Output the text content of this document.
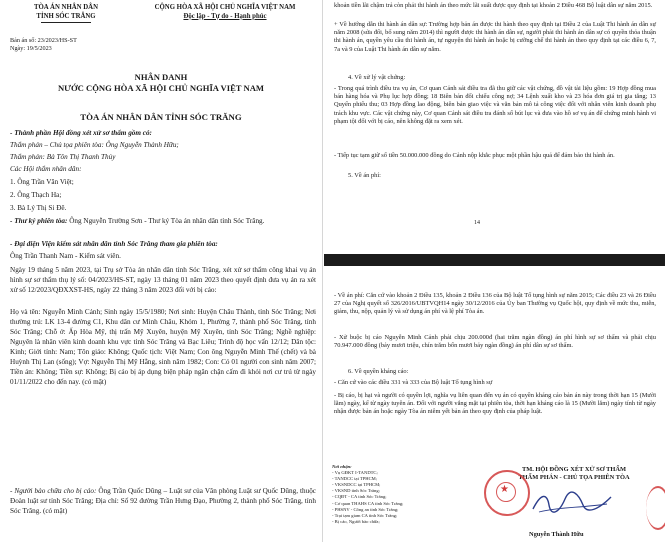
TÒA ÁN NHÂN DÂN
TỈNH SÓC TRĂNG
CỘNG HÒA XÃ HỘI CHỦ NGHĨA VIỆT NAM
Độc lập - Tự do - Hạnh phúc
Bản án số: 23/2023/HS-ST
Ngày: 19/5/2023
NHÂN DANH
NƯỚC CỘNG HÒA XÃ HỘI CHỦ NGHĨA VIỆT NAM
TÒA ÁN NHÂN DÂN TỈNH SÓC TRĂNG
- Thành phần Hội đồng xét xử sơ thẩm gồm có:
Thẩm phán – Chủ tọa phiên tòa: Ông Nguyễn Thành Hữu;
Thẩm phán: Bà Tôn Thị Thanh Thủy
Các Hội thẩm nhân dân:
1. Ông Trần Văn Việt;
2. Ông Thạch Ha;
3. Bà Lý Thị Si Đê.
- Thư ký phiên tòa: Ông Nguyễn Trường Sơn - Thư ký Tòa án nhân dân tỉnh Sóc Trăng.
- Đại diện Viện kiểm sát nhân dân tỉnh Sóc Trăng tham gia phiên tòa:
Ông Trần Thanh Nam - Kiểm sát viên.
Ngày 19 tháng 5 năm 2023, tại Trụ sở Tòa án nhân dân tỉnh Sóc Trăng, xét xử sơ thẩm công khai vụ án hình sự sơ thẩm thụ lý số: 04/2023/HS-ST, ngày 13 tháng 01 năm 2023 theo quyết định đưa vụ án ra xét xử số 12/2023/QĐXXST-HS, ngày 22 tháng 3 năm 2023 đối với bị cáo:
Họ và tên: Nguyễn Minh Cảnh; Sinh ngày 15/5/1980; Nơi sinh: Huyện Châu Thành, tỉnh Sóc Trăng; Nơi thường trú: LK 13-4 đường C1, Khu dân cư Minh Châu, Khóm 1, Phường 7, thành phố Sóc Trăng, tỉnh Sóc Trăng; Chỗ ở: Ấp Hòa Mỹ, thị trấn Mỹ Xuyên, huyện Mỹ Xuyên, tỉnh Sóc Trăng; Nghề nghiệp: Nguyên là nhân viên kinh doanh khu vực tỉnh Sóc Trăng và Bạc Liêu; Trình độ học vấn 12/12; Dân tộc: Kinh; Giới tính: Nam; Tôn giáo: Không; Quốc tịch: Việt Nam; Con ông Nguyễn Minh Thế (chết) và bà Huỳnh Thị Lan (sống); Vợ: Nguyễn Thị Mỹ Hằng, sinh năm 1982; Con: Có 01 người con sinh năm 2007; Tiền án: Không; Tiền sự: Không; Bị cáo bị áp dụng biện pháp ngăn chặn cấm đi khỏi nơi cư trú từ ngày 01/11/2022 cho đến nay. (có mặt)
- Người bào chữa cho bị cáo: Ông Trần Quốc Dũng – Luật sư của Văn phòng Luật sư Quốc Dũng, thuộc Đoàn luật sư tỉnh Sóc Trăng; Địa chỉ: Số 92 đường Trần Hưng Đạo, Phường 2, thành phố Sóc Trăng, tỉnh Sóc Trăng. (có mặt)
khoản tiền lãi chậm trả còn phải thi hành án theo mức lãi suất được quy định tại khoản 2 Điều 468 Bộ luật dân sự năm 2015.
+ Về hướng dẫn thi hành án dân sự: Trường hợp bản án được thi hành theo quy định tại Điều 2 của Luật Thi hành án dân sự năm 2008 (sửa đổi, bổ sung năm 2014) thì người được thi hành án dân sự, người phải thi hành án dân sự có quyền thỏa thuận thi hành án, quyền yêu cầu thi hành án, tự nguyện thi hành án hoặc bị cưỡng chế thi hành án theo quy định tại các điều 6, 7, 7a và 9 của Luật Thi hành án dân sự năm.
4. Về xử lý vật chứng:
- Trong quá trình điều tra vụ án, Cơ quan Cảnh sát điều tra đã thu giữ các vật chứng, đồ vật tài liệu gồm: 19 Hợp đồng mua bán hàng hóa và Phụ lục hợp đồng; 18 Biên bản đối chiếu công nợ; 34 Lệnh xuất kho và 23 hóa đơn giá trị gia tăng; 13 Quyển phiếu thu; 03 Hợp đồng lao động, biên bản giao việc và văn bản mô tả công việc đối với nhân viên kinh doanh phụ trách khu vực. Các vật chứng này, Cơ quan Cảnh sát điều tra đánh số bút lục và đưa vào hồ sơ vụ án để chứng minh hành vi phạm tội đối với bị cáo, nên không đặt ra xem xét.
- Tiếp tục tạm giữ số tiền 50.000.000 đồng do Cảnh nộp khắc phục một phần hậu quả để đảm bảo thi hành án.
5. Về án phí:
14
- Về án phí: Căn cứ vào khoản 2 Điều 135, khoản 2 Điều 136 của Bộ luật Tố tụng hình sự năm 2015; Các điều 23 và 26 Điều 27 của Nghị quyết số 326/2016/UBTVQH14 ngày 30/12/2016 của Ủy ban Thường vụ Quốc hội, quy định về mức thu, miễn, giảm, thu, nộp, quản lý và sử dụng án phí và lệ phí Tòa án.
- Xử buộc bị cáo Nguyễn Minh Cảnh phải chịu 200.000đ (hai trăm ngàn đồng) án phí hình sự sơ thẩm và phải chịu 70.947.000 đồng (bảy mươi triệu, chín trăm bốn mươi bảy ngàn đồng) án phí dân sự sơ thẩm.
6. Về quyền kháng cáo:
- Căn cứ vào các điều 331 và 333 của Bộ luật Tố tụng hình sự
- Bị cáo, bị hại và người có quyền lợi, nghĩa vụ liên quan đến vụ án có quyền kháng cáo bản án này trong thời hạn 15 (Mười lăm) ngày, kể từ ngày tuyên án. Đối với người vắng mặt tại phiên tòa, thời hạn kháng cáo là 15 (Mười lăm) ngày tính từ ngày nhận được bản án hoặc ngày Tòa án niêm yết bản án theo quy định của pháp luật.
Nơi nhận:
- Vụ GĐKT I-TANDTC;
- TANDCC tại TPHCM;
- VKSNDCC tại TPHCM;
- VKSND tỉnh Sóc Trăng;
- CQĐT - CA tỉnh Sóc Trăng;
- Cơ quan THAHS CA tỉnh Sóc Trăng;
- PHSNV - Công an tỉnh Sóc Trăng;
- Trại tạm giam CA tỉnh Sóc Trăng;
- Bị cáo, Người bào chữa;
TM. HỘI ĐỒNG XÉT XỬ SƠ THẨM
THẨM PHÁN - CHỦ TỌA PHIÊN TÒA
★
Nguyễn Thành Hữu
